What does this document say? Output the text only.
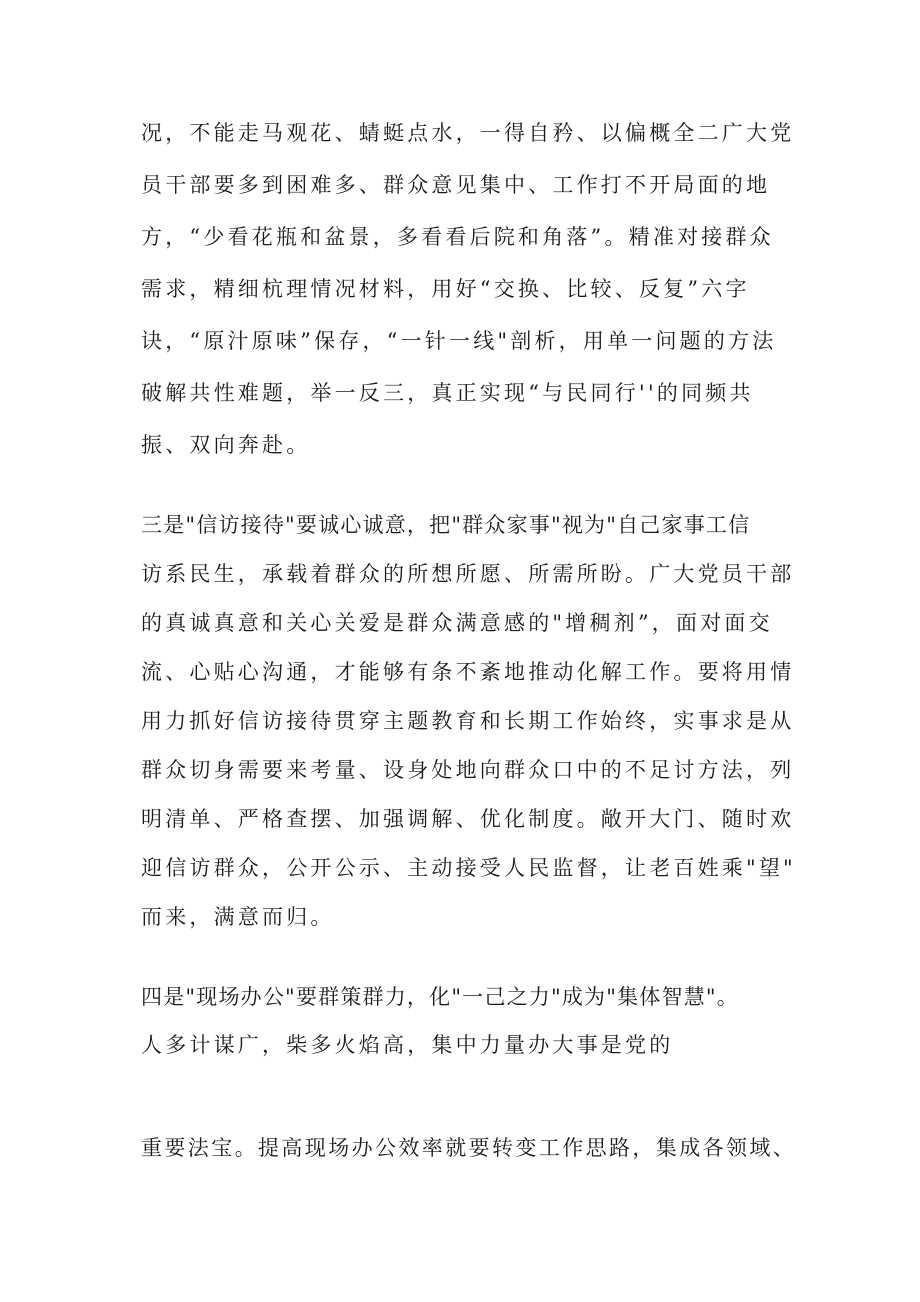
况，不能走马观花、蜻蜓点水，一得自矜、以偏概全二广大党
员干部要多到困难多、群众意见集中、工作打不开局面的地
方，“少看花瓶和盆景，多看看后院和角落”。精准对接群众
需求，精细杭理情况材料，用好“交换、比较、反复”六字
诀，“原汁原味”保存，“一针一线"剖析，用单一问题的方法
破解共性难题，举一反三，真正实现“与民同行''的同频共
振、双向奔赴。
三是"信访接待"要诚心诚意，把"群众家事"视为"自己家事工信
访系民生，承载着群众的所想所愿、所需所盼。广大党员干部
的真诚真意和关心关爱是群众满意感的"增稠剂”，面对面交
流、心贴心沟通，才能够有条不紊地推动化解工作。要将用情
用力抓好信访接待贯穿主题教育和长期工作始终，实事求是从
群众切身需要来考量、设身处地向群众口中的不足讨方法，列
明清单、严格查摆、加强调解、优化制度。敞开大门、随时欢
迎信访群众，公开公示、主动接受人民监督，让老百姓乘"望"
而来，满意而归。
四是"现场办公"要群策群力，化"一己之力"成为"集体智慧"。
人多计谋广，柴多火焰高，集中力量办大事是党的
重要法宝。提高现场办公效率就要转变工作思路，集成各领域、
